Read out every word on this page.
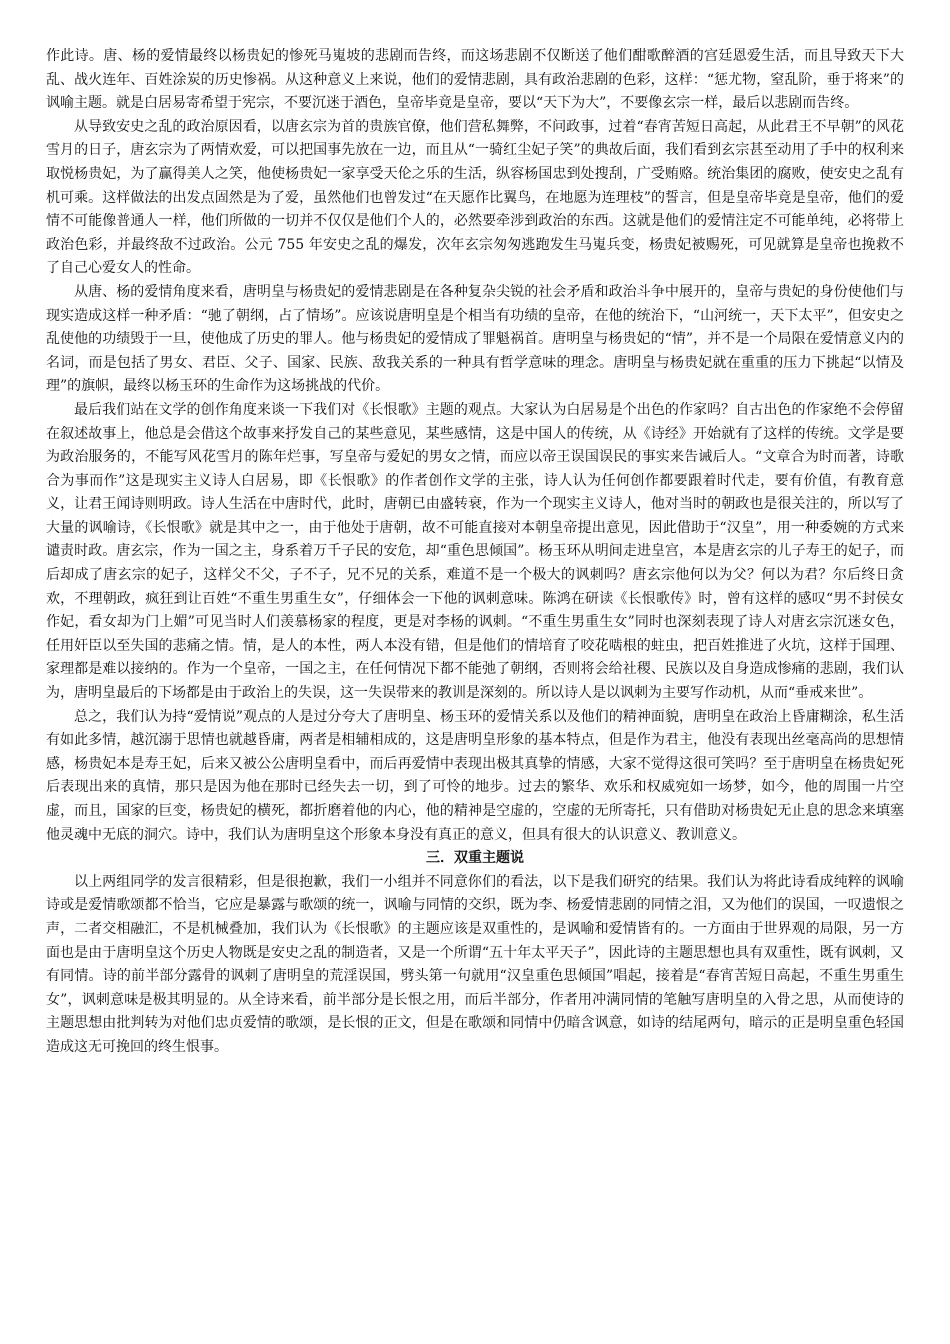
作此诗。唐、杨的爱情最终以杨贵妃的惨死马嵬坡的悲剧而告终，而这场悲剧不仅断送了他们酣歌醉酒的宫廷恩爱生活，而且导致天下大乱、战火连年、百姓涂炭的历史惨祸。从这种意义上来说，他们的爱情悲剧，具有政治悲剧的色彩，这样：“惩尤物，窒乱阶，垂于将来”的讽喻主题。就是白居易寄希望于宪宗，不要沉迷于酒色，皇帝毕竟是皇帝，要以“天下为大”，不要像玄宗一样，最后以悲剧而告终。

从导致安史之乱的政治原因看，以唐玄宗为首的贵族官僚，他们营私舞弊，不问政事，过着“春宵苦短日高起，从此君王不早朝”的风花雪月的日子，唐玄宗为了两情欢爱，可以把国事先放在一边，而且从“一骑红尘妃子笑”的典故后面，我们看到玄宗甚至动用了手中的权利来取悦杨贵妃，为了赢得美人之笑，他使杨贵妃一家享受天伦之乐的生活，纵容杨国忠到处搜刮，广受贿赂。统治集团的腐败，使安史之乱有机可乘。这样做法的出发点固然是为了爱，虽然他们也曾发过“在天愿作比翼鸟，在地愿为连理枝”的誓言，但是皇帝毕竟是皇帝，他们的爱情不可能像普通人一样，他们所做的一切并不仅仅是他们个人的，必然要牵涉到政治的东西。这就是他们的爱情注定不可能单纯，必将带上政治色彩，并最终敌不过政治。公元 755 年安史之乱的爆发，次年玄宗匆匆逃跑发生马嵬兵变，杨贵妃被赐死，可见就算是皇帝也挽救不了自己心爱女人的性命。

从唐、杨的爱情角度来看，唐明皇与杨贵妃的爱情悲剧是在各种复杂尖锐的社会矛盾和政治斗争中展开的，皇帝与贵妃的身份使他们与现实造成这样一种矛盾：“驰了朝纲，占了情场”。应该说唐明皇是个相当有功绩的皇帝，在他的统治下，“山河统一，天下太平”，但安史之乱使他的功绩毁于一旦，使他成了历史的罪人。他与杨贵妃的爱情成了罪魁祸首。唐明皇与杨贵妃的“情”，并不是一个局限在爱情意义内的名词，而是包括了男女、君臣、父子、国家、民族、敌我关系的一种具有哲学意味的理念。唐明皇与杨贵妃就在重重的压力下挑起“以情及理”的旗帜，最终以杨玉环的生命作为这场挑战的代价。

最后我们站在文学的创作角度来谈一下我们对《长恨歌》主题的观点。大家认为白居易是个出色的作家吗？自古出色的作家绝不会停留在叙述故事上，他总是会借这个故事来抒发自己的某些意见，某些感情，这是中国人的传统，从《诗经》开始就有了这样的传统。文学是要为政治服务的，不能写风花雪月的陈年烂事，写皇帝与爱妃的男女之情，而应以帝王误国误民的事实来告诫后人。“文章合为时而著，诗歌合为事而作”这是现实主义诗人白居易，即《长恨歌》的作者创作文学的主张，诗人认为任何创作都要跟着时代走，要有价值，有教育意义，让君王闻诗则明政。诗人生活在中唐时代，此时，唐朝已由盛转衰，作为一个现实主义诗人，他对当时的朝政也是很关注的，所以写了大量的讽喻诗，《长恨歌》就是其中之一，由于他处于唐朝，故不可能直接对本朝皇帝提出意见，因此借助于“汉皇”，用一种委婉的方式来谴责时政。唐玄宗，作为一国之主，身系着万千子民的安危，却“重色思倾国”。杨玉环从明间走进皇宫，本是唐玄宗的儿子寿王的妃子，而后却成了唐玄宗的妃子，这样父不父，子不子，兄不兄的关系，难道不是一个极大的讽刺吗？唐玄宗他何以为父？何以为君？尔后终日贪欢，不理朝政，疯狂到让百姓“不重生男重生女”，仔细体会一下他的讽刺意味。陈鸿在研读《长恨歌传》时，曾有这样的感叹“男不封侯女作妃，看女却为门上媚”可见当时人们羡慕杨家的程度，更是对李杨的讽刺。“不重生男重生女”同时也深刻表现了诗人对唐玄宗沉迷女色，任用奸臣以至失国的悲痛之情。情，是人的本性，两人本没有错，但是他们的情培育了咬花啮根的蛀虫，把百姓推进了火坑，这样于国理、家理都是难以接纳的。作为一个皇帝，一国之主，在任何情况下都不能弛了朝纲，否则将会给社稷、民族以及自身造成惨痛的悲剧，我们认为，唐明皇最后的下场都是由于政治上的失误，这一失误带来的教训是深刻的。所以诗人是以讽刺为主要写作动机，从而“垂戒来世”。

总之，我们认为持“爱情说”观点的人是过分夸大了唐明皇、杨玉环的爱情关系以及他们的精神面貌，唐明皇在政治上昏庸糊涂，私生活有如此多情，越沉溺于思情也就越昏庸，两者是相辅相成的，这是唐明皇形象的基本特点，但是作为君主，他没有表现出丝毫高尚的思想情感，杨贵妃本是寿王妃，后来又被公公唐明皇看中，而后再爱情中表现出极其真挚的情感，大家不觉得这很可笑吗？至于唐明皇在杨贵妃死后表现出来的真情，那只是因为他在那时已经失去一切，到了可怜的地步。过去的繁华、欢乐和权威宛如一场梦，如今，他的周围一片空虚，而且，国家的巨变，杨贵妃的横死，都折磨着他的内心，他的精神是空虚的，空虚的无所寄托，只有借助对杨贵妃无止息的思念来填塞他灵魂中无底的洞穴。诗中，我们认为唐明皇这个形象本身没有真正的意义，但具有很大的认识意义、教训意义。

三．双重主题说

以上两组同学的发言很精彩，但是很抱歉，我们一小组并不同意你们的看法，以下是我们研究的结果。我们认为将此诗看成纯粹的讽喻诗或是爱情歌颂都不恰当，它应是暴露与歌颂的统一，讽喻与同情的交织，既为李、杨爱情悲剧的同情之泪，又为他们的误国，一叹遗恨之声，二者交相融汇，不是机械叠加，我们认为《长恨歌》的主题应该是双重性的，是讽喻和爱情皆有的。一方面由于世界观的局限，另一方面也是由于唐明皇这个历史人物既是安史之乱的制造者，又是一个所谓“五十年太平天子”，因此诗的主题思想也具有双重性，既有讽刺，又有同情。诗的前半部分露骨的讽刺了唐明皇的荒淫误国，劈头第一句就用“汉皇重色思倾国”唱起，接着是“春宵苦短日高起，不重生男重生女”，讽刺意味是极其明显的。从全诗来看，前半部分是长恨之用，而后半部分，作者用冲满同情的笔触写唐明皇的入骨之思，从而使诗的主题思想由批判转为对他们忠贞爱情的歌颂，是长恨的正文，但是在歌颂和同情中仍暗含讽意，如诗的结尾两句，暗示的正是明皇重色轻国造成这无可挽回的终生恨事。
